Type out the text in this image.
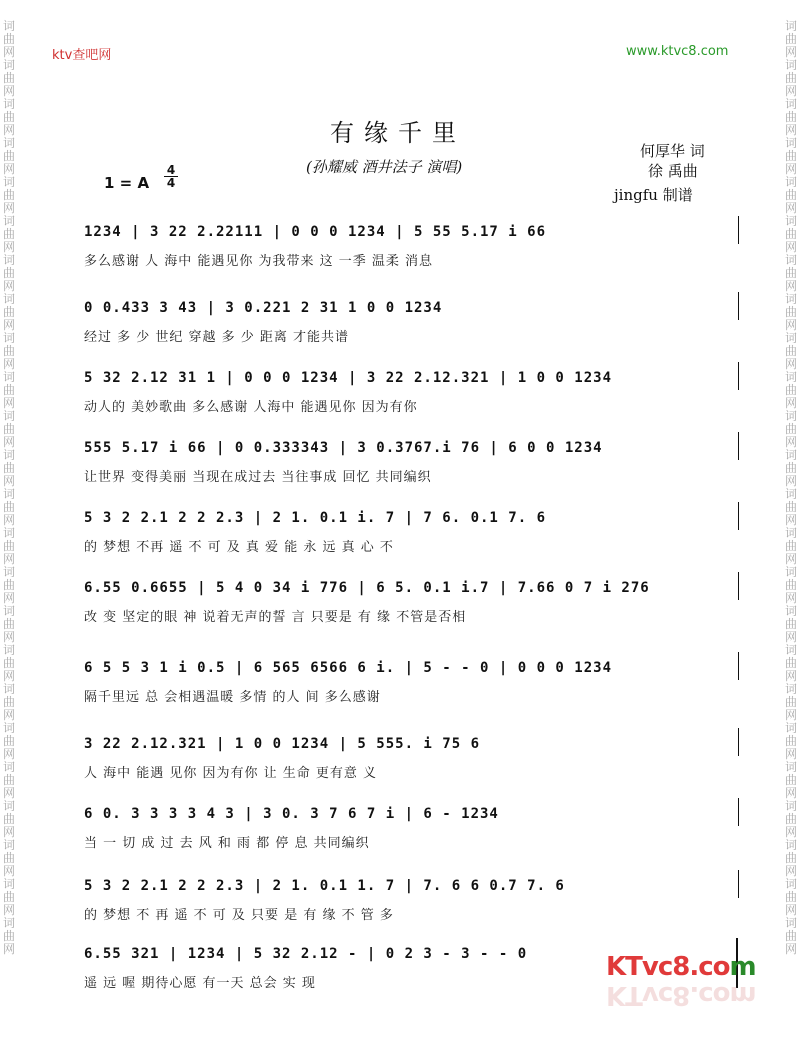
词曲网词曲网词曲网词曲网词曲网词曲网词曲网词曲网词曲网词曲网词曲网词曲网词曲网词曲网词曲网词曲网词曲网词曲网词曲网词曲网词曲网词曲网词曲网词曲网
词曲网词曲网词曲网词曲网词曲网词曲网词曲网词曲网词曲网词曲网词曲网词曲网词曲网词曲网词曲网词曲网词曲网词曲网词曲网词曲网词曲网词曲网词曲网词曲网
ktv查吧网	www.ktvc8.com
有缘千里
(孙耀威 酒井法子 演唱)
何厚华 词
徐 禹曲
jingfu 制谱
1 = A
4
4
1234 | 3 22 2.22111 | 0 0 0 1234 | 5 55 5.17 i 66
多么感谢 人 海中 能遇见你 为我带来 这 一季 温柔 消息
0 0.433 3 43 | 3 0.221 2 31 1 0 0 1234
经过 多 少 世纪 穿越 多 少 距离 才能共谱
5 32 2.12 31 1 | 0 0 0 1234 | 3 22 2.12.321 | 1 0 0 1234
动人的 美妙歌曲 多么感谢 人海中 能遇见你 因为有你
555 5.17 i 66 | 0 0.333343 | 3 0.3767.i 76 | 6 0 0 1234
让世界 变得美丽 当现在成过去 当往事成 回忆 共同编织
5 3 2 2.1 2 2 2.3 | 2 1. 0.1 i. 7 | 7 6. 0.1 7. 6
的 梦想 不再 遥 不 可 及 真 爱 能 永 远 真 心 不
6.55 0.6655 | 5 4 0 34 i 776 | 6 5. 0.1 i.7 | 7.66 0 7 i 276
改 变 坚定的眼 神 说着无声的誓 言 只要是 有 缘 不管是否相
6 5 5 3 1 i 0.5 | 6 565 6566 6 i. | 5 - - 0 | 0 0 0 1234
隔千里远 总 会相遇温暖 多情 的人 间 多么感谢
3 22 2.12.321 | 1 0 0 1234 | 5 555. i 75 6
人 海中 能遇 见你 因为有你 让 生命 更有意 义
6 0. 3 3 3 3 4 3 | 3 0. 3 7 6 7 i | 6 - 1234
当 一 切 成 过 去 风 和 雨 都 停 息 共同编织
5 3 2 2.1 2 2 2.3 | 2 1. 0.1 1. 7 | 7. 6 6 0.7 7. 6
的 梦想 不 再 遥 不 可 及 只要 是 有 缘 不 管 多
6.55 321 | 1234 | 5 32 2.12 - | 0 2 3 - 3 - - 0
遥 远 喔 期待心愿 有一天 总会 实 现
KTvc8.com
KTvc8.com
